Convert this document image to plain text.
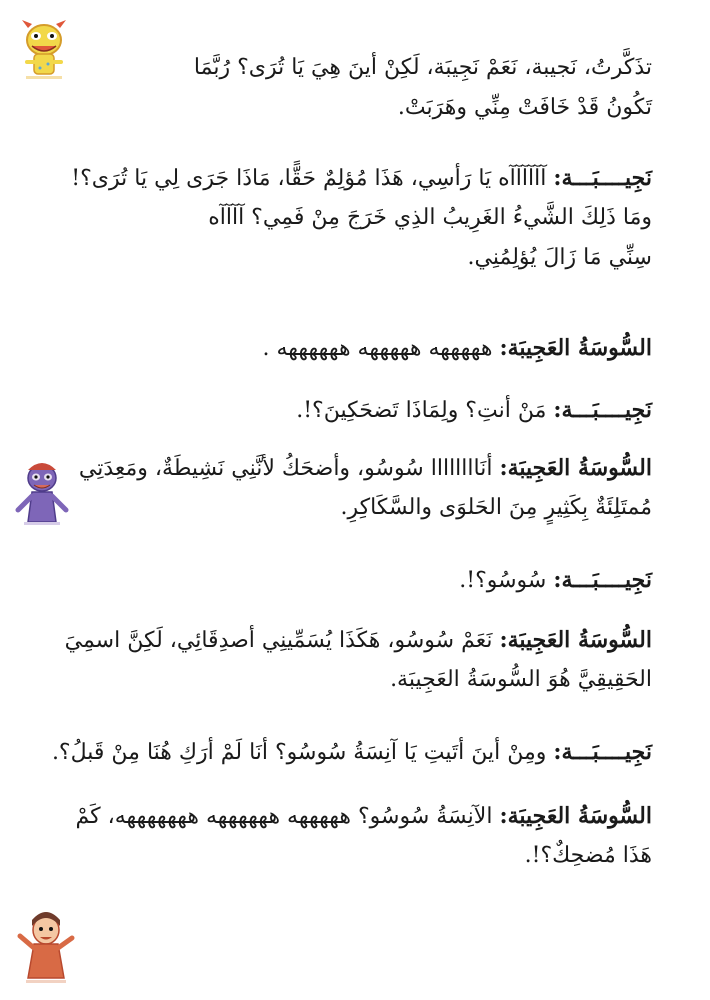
تذَكَّرتُ، نَجيبة، نَعَمْ نَجِيبَة، لَكِنْ أينَ هِيَ يَا تُرَى؟ رُبَّمَا
تَكُونُ قَدْ خَافَتْ مِنِّي وهَرَبَتْ.
نَجِيــــبَـــة: آآآآآآه يَا رَأسِي، هَذَا مُؤلِمٌ حَقًّا، مَاذَا جَرَى لِي يَا تُرَى؟!
ومَا ذَلِكَ الشَّيءُ الغَرِيبُ الذِي خَرَجَ مِنْ فَمِي؟ آآآآه
سِنِّي مَا زَالَ يُؤلِمُنِي.
السُّوسَةُ العَجِيبَة: هههههه هههههه ههههههه .
نَجِيــــبَـــة: مَنْ أنتِ؟ ولِمَاذَا تَضحَكِينَ؟!.
السُّوسَةُ العَجِيبَة: أنَاااااااا سُوسُو، وأضحَكُ لأنَّنِي نَشِيطَةٌ، ومَعِدَتِي
مُمتَلِئَةٌ بِكَثِيرٍ مِنَ الحَلوَى والسَّكَاكِرِ.
نَجِيــــبَـــة: سُوسُو؟!.
السُّوسَةُ العَجِيبَة: نَعَمْ سُوسُو، هَكَذَا يُسَمِّينِي أصدِقَائِي، لَكِنَّ اسمِيَ
الحَقِيقِيَّ هُوَ السُّوسَةُ العَجِيبَة.
نَجِيــــبَـــة: ومِنْ أينَ أتَيتِ يَا آنِسَةُ سُوسُو؟ أنَا لَمْ أرَكِ هُنَا مِنْ قَبلُ؟.
السُّوسَةُ العَجِيبَة: الآنِسَةُ سُوسُو؟ هههههه ههههههه هههههههه، كَمْ
هَذَا مُضحِكٌ؟!.
